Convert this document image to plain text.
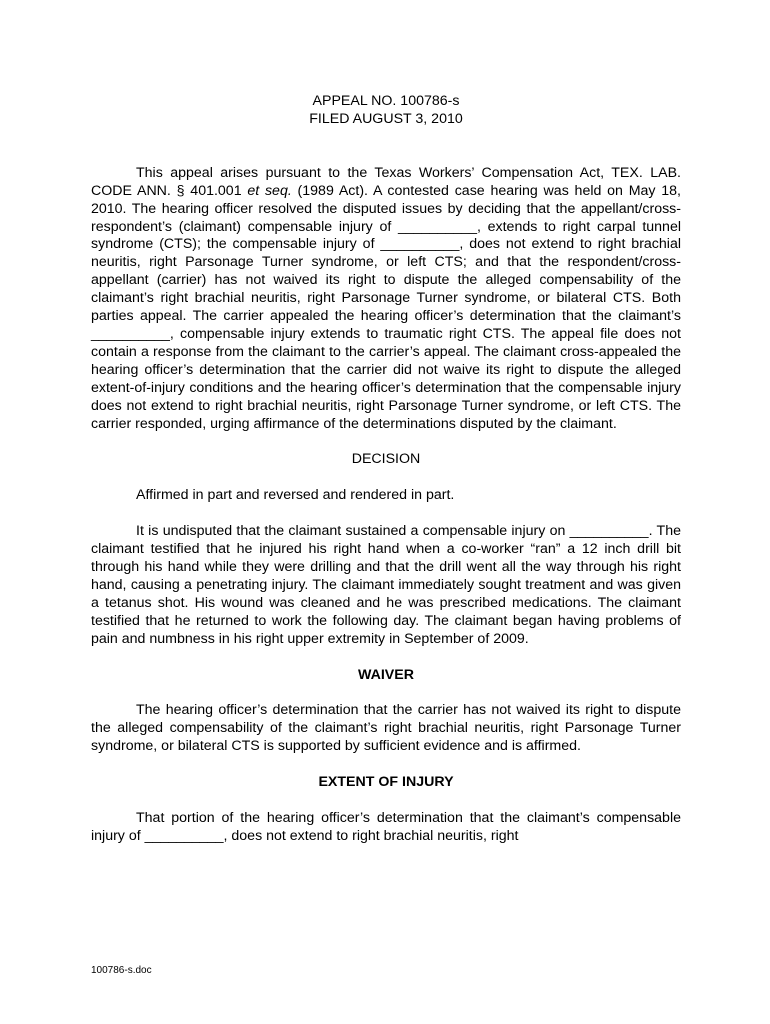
APPEAL NO. 100786-s
FILED AUGUST 3, 2010

This appeal arises pursuant to the Texas Workers’ Compensation Act, TEX. LAB. CODE ANN. § 401.001 et seq. (1989 Act). A contested case hearing was held on May 18, 2010. The hearing officer resolved the disputed issues by deciding that the appellant/cross-respondent’s (claimant) compensable injury of __________, extends to right carpal tunnel syndrome (CTS); the compensable injury of __________, does not extend to right brachial neuritis, right Parsonage Turner syndrome, or left CTS; and that the respondent/cross-appellant (carrier) has not waived its right to dispute the alleged compensability of the claimant’s right brachial neuritis, right Parsonage Turner syndrome, or bilateral CTS. Both parties appeal. The carrier appealed the hearing officer’s determination that the claimant’s __________, compensable injury extends to traumatic right CTS. The appeal file does not contain a response from the claimant to the carrier’s appeal. The claimant cross-appealed the hearing officer’s determination that the carrier did not waive its right to dispute the alleged extent-of-injury conditions and the hearing officer’s determination that the compensable injury does not extend to right brachial neuritis, right Parsonage Turner syndrome, or left CTS. The carrier responded, urging affirmance of the determinations disputed by the claimant.

DECISION

Affirmed in part and reversed and rendered in part.

It is undisputed that the claimant sustained a compensable injury on __________. The claimant testified that he injured his right hand when a co-worker “ran” a 12 inch drill bit through his hand while they were drilling and that the drill went all the way through his right hand, causing a penetrating injury. The claimant immediately sought treatment and was given a tetanus shot. His wound was cleaned and he was prescribed medications. The claimant testified that he returned to work the following day. The claimant began having problems of pain and numbness in his right upper extremity in September of 2009.

WAIVER

The hearing officer’s determination that the carrier has not waived its right to dispute the alleged compensability of the claimant’s right brachial neuritis, right Parsonage Turner syndrome, or bilateral CTS is supported by sufficient evidence and is affirmed.

EXTENT OF INJURY

That portion of the hearing officer’s determination that the claimant’s compensable injury of __________, does not extend to right brachial neuritis, right

100786-s.doc
